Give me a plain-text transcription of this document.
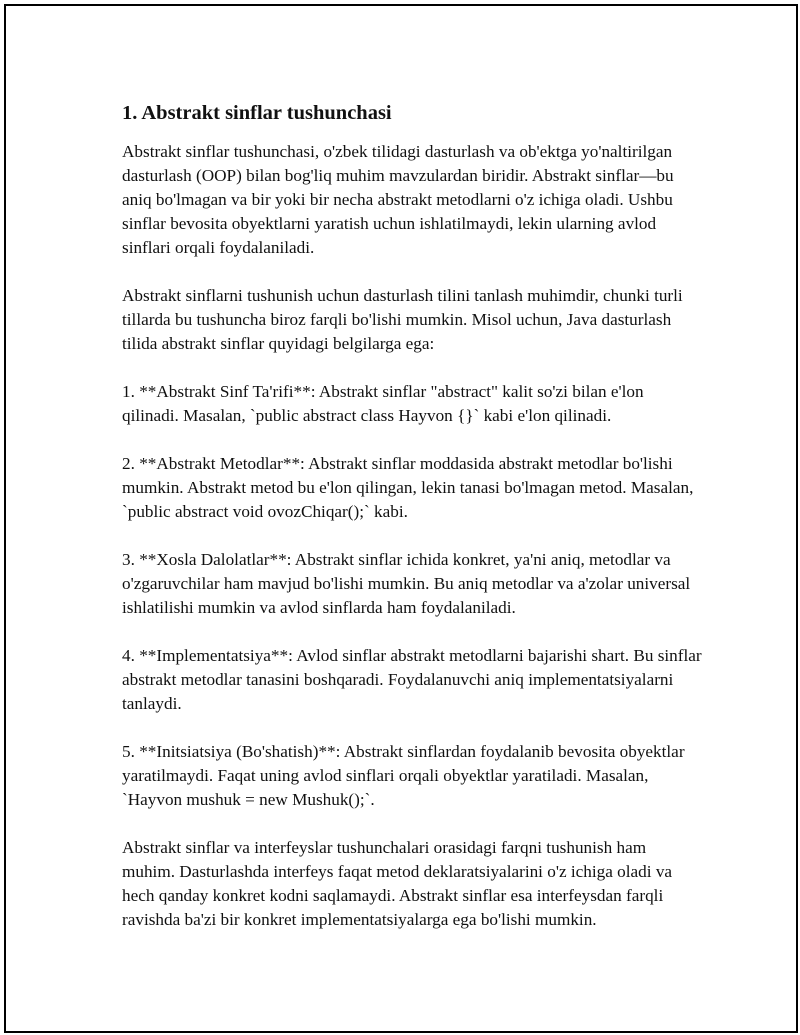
1. Abstrakt sinflar tushunchasi

Abstrakt sinflar tushunchasi, o'zbek tilidagi dasturlash va ob'ektga yo'naltirilgan dasturlash (OOP) bilan bog'liq muhim mavzulardan biridir. Abstrakt sinflar—bu aniq bo'lmagan va bir yoki bir necha abstrakt metodlarni o'z ichiga oladi. Ushbu sinflar bevosita obyektlarni yaratish uchun ishlatilmaydi, lekin ularning avlod sinflari orqali foydalaniladi.

Abstrakt sinflarni tushunish uchun dasturlash tilini tanlash muhimdir, chunki turli tillarda bu tushuncha biroz farqli bo'lishi mumkin. Misol uchun, Java dasturlash tilida abstrakt sinflar quyidagi belgilarga ega:

1. **Abstrakt Sinf Ta'rifi**: Abstrakt sinflar "abstract" kalit so'zi bilan e'lon qilinadi. Masalan, `public abstract class Hayvon {}` kabi e'lon qilinadi.

2. **Abstrakt Metodlar**: Abstrakt sinflar moddasida abstrakt metodlar bo'lishi mumkin. Abstrakt metod bu e'lon qilingan, lekin tanasi bo'lmagan metod. Masalan, `public abstract void ovozChiqar();` kabi.

3. **Xosla Dalolatlar**: Abstrakt sinflar ichida konkret, ya'ni aniq, metodlar va o'zgaruvchilar ham mavjud bo'lishi mumkin. Bu aniq metodlar va a'zolar universal ishlatilishi mumkin va avlod sinflarda ham foydalaniladi.

4. **Implementatsiya**: Avlod sinflar abstrakt metodlarni bajarishi shart. Bu sinflar abstrakt metodlar tanasini boshqaradi. Foydalanuvchi aniq implementatsiyalarni tanlaydi.

5. **Initsiatsiya (Bo'shatish)**: Abstrakt sinflardan foydalanib bevosita obyektlar yaratilmaydi. Faqat uning avlod sinflari orqali obyektlar yaratiladi. Masalan, `Hayvon mushuk = new Mushuk();`.

Abstrakt sinflar va interfeyslar tushunchalari orasidagi farqni tushunish ham muhim. Dasturlashda interfeys faqat metod deklaratsiyalarini o'z ichiga oladi va hech qanday konkret kodni saqlamaydi. Abstrakt sinflar esa interfeysdan farqli ravishda ba'zi bir konkret implementatsiyalarga ega bo'lishi mumkin.
